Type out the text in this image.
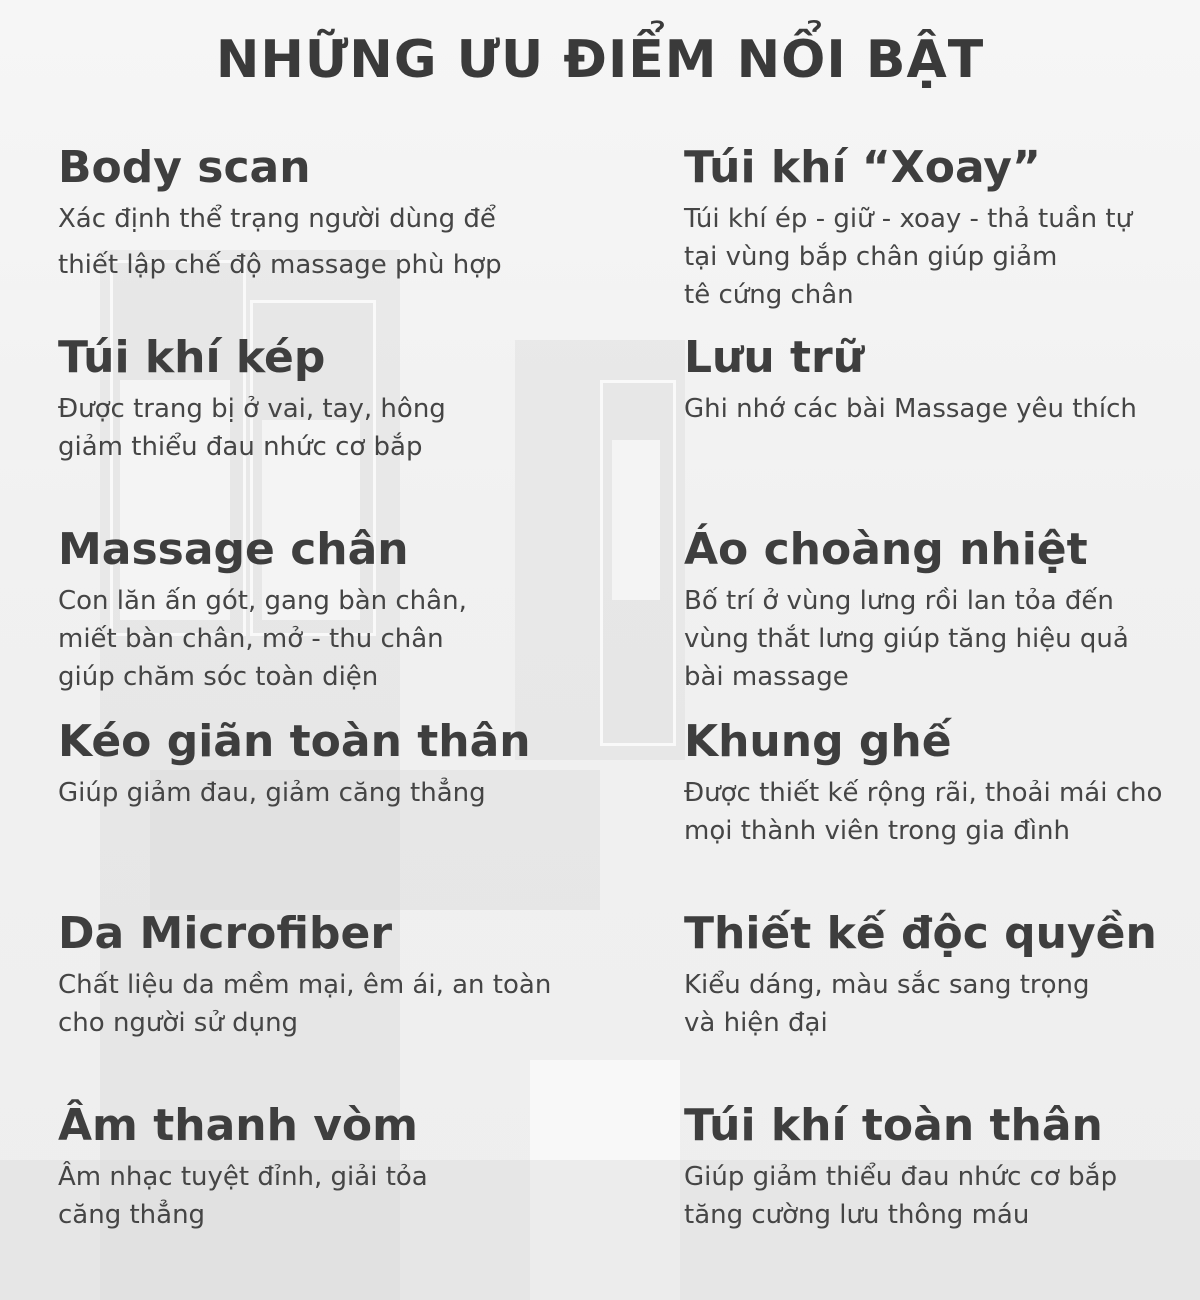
NHỮNG ƯU ĐIỂM NỔI BẬT
Body scan

Xác định thể trạng người dùng để
thiết lập chế độ massage phù hợp

Túi khí kép

Được trang bị ở vai, tay, hông
giảm thiểu đau nhức cơ bắp

Massage chân

Con lăn ấn gót, gang bàn chân,
miết bàn chân, mở - thu chân
giúp chăm sóc toàn diện

Kéo giãn toàn thân

Giúp giảm đau, giảm căng thẳng

Da Microfiber

Chất liệu da mềm mại, êm ái, an toàn
cho người sử dụng

Âm thanh vòm

Âm nhạc tuyệt đỉnh, giải tỏa
căng thẳng

Túi khí “Xoay”

Túi khí ép - giữ - xoay - thả tuần tự
tại vùng bắp chân giúp giảm
tê cứng chân

Lưu trữ

Ghi nhớ các bài Massage yêu thích

Áo choàng nhiệt

Bố trí ở vùng lưng rồi lan tỏa đến
vùng thắt lưng giúp tăng hiệu quả
bài massage

Khung ghế

Được thiết kế rộng rãi, thoải mái cho
mọi thành viên trong gia đình

Thiết kế độc quyền

Kiểu dáng, màu sắc sang trọng
và hiện đại

Túi khí toàn thân

Giúp giảm thiểu đau nhức cơ bắp
tăng cường lưu thông máu
